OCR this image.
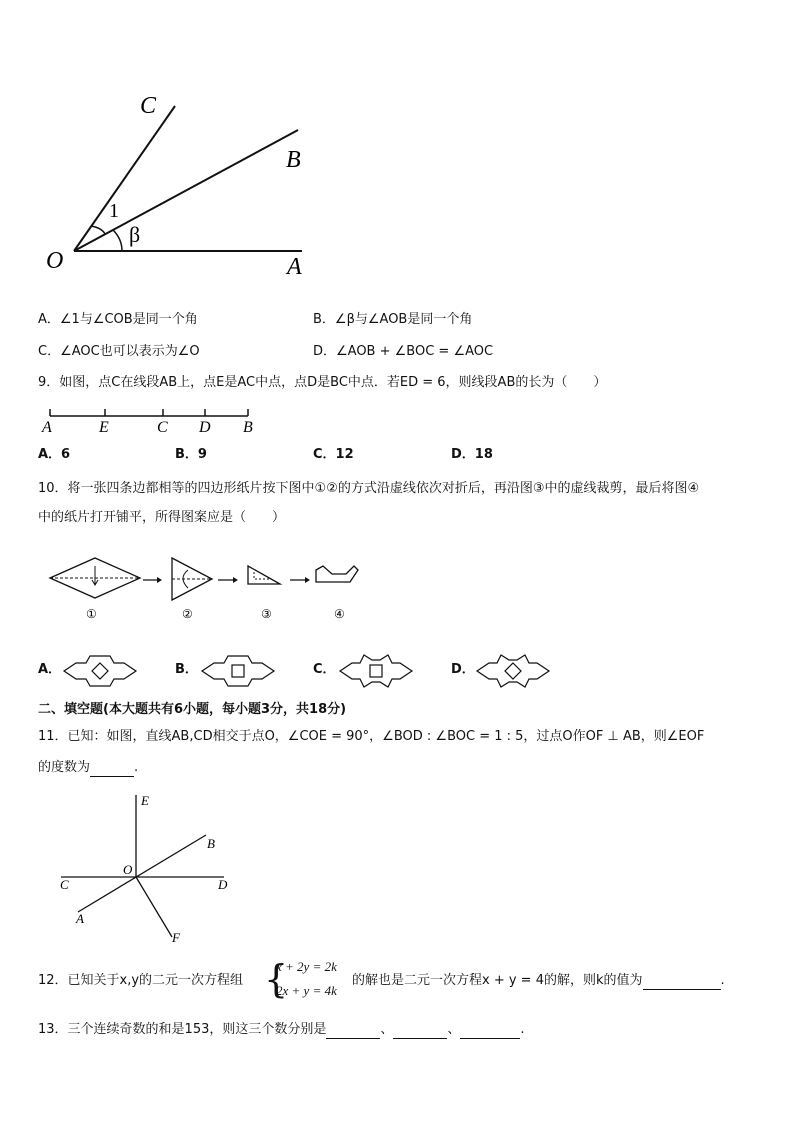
C
B
O	A
1
β
A．∠1与∠COB是同一个角	B．∠β与∠AOB是同一个角
C．∠AOC也可以表示为∠O	D．∠AOB + ∠BOC = ∠AOC
9．如图，点C在线段AB上，点E是AC中点，点D是BC中点．若ED = 6，则线段AB的长为（　　）
A	E	C D B
A．6	B．9	C．12	D．18
10．将一张四条边都相等的四边形纸片按下图中①②的方式沿虚线依次对折后，再沿图③中的虚线裁剪，最后将图④
中的纸片打开铺平，所得图案应是（　　）
①	②	③	④
A．	B．	C．	D．
二、填空题(本大题共有6小题，每小题3分，共18分)
11．已知：如图，直线AB,CD相交于点O，∠COE = 90°，∠BOD : ∠BOC = 1 : 5，过点O作OF ⊥ AB，则∠EOF
的度数为	.
E
B
O
C	D
A
F
12．已知关于x,y的二元一次方程组 {
x + 2y = 2k
2x + y = 4k
的解也是二元一次方程x + y = 4的解，则k的值为	.
13．三个连续奇数的和是153，则这三个数分别是	、	、	.
